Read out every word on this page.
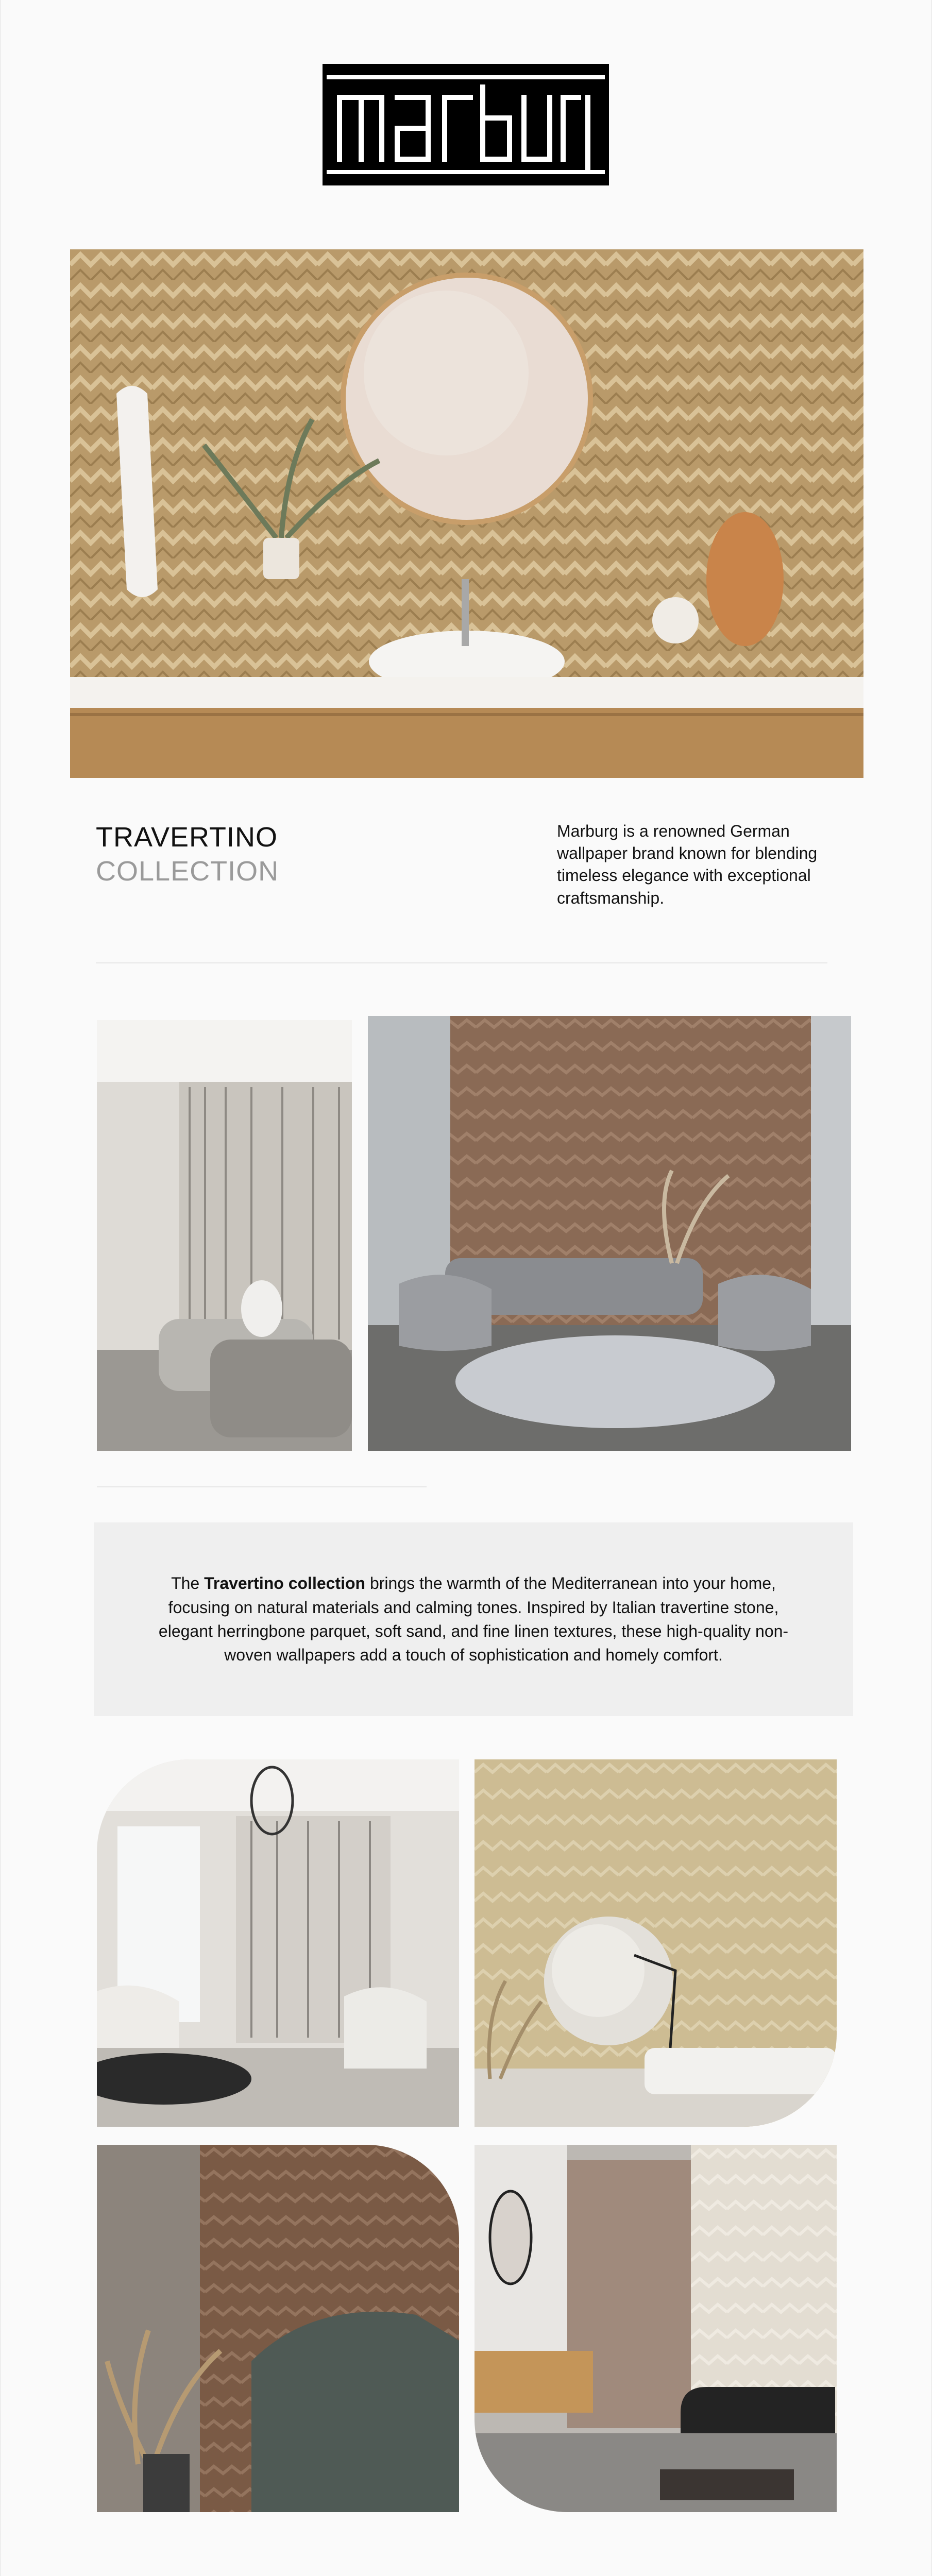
marburg
TRAVERTINO
COLLECTION

Marburg is a renowned German wallpaper brand known for blending timeless elegance with exceptional craftsmanship.

The Travertino collection brings the warmth of the Mediterranean into your home, focusing on natural materials and calming tones. Inspired by Italian travertine stone, elegant herringbone parquet, soft sand, and fine linen textures, these high-quality non-woven wallpapers add a touch of sophistication and homely comfort.
